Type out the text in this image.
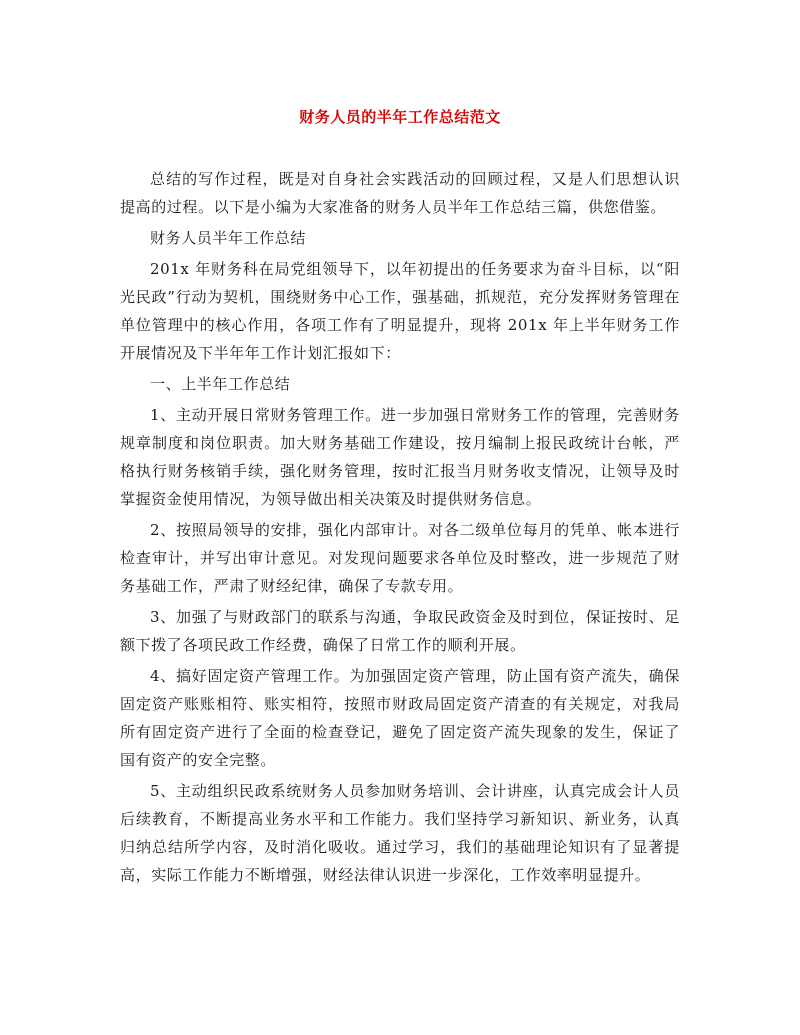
财务人员的半年工作总结范文

总结的写作过程，既是对自身社会实践活动的回顾过程，又是人们思想认识提高的过程。以下是小编为大家准备的财务人员半年工作总结三篇，供您借鉴。

财务人员半年工作总结

201x 年财务科在局党组领导下，以年初提出的任务要求为奋斗目标，以“阳光民政”行动为契机，围绕财务中心工作，强基础，抓规范，充分发挥财务管理在单位管理中的核心作用，各项工作有了明显提升，现将 201x 年上半年财务工作开展情况及下半年年工作计划汇报如下：

一、上半年工作总结

1、主动开展日常财务管理工作。进一步加强日常财务工作的管理，完善财务规章制度和岗位职责。加大财务基础工作建设，按月编制上报民政统计台帐，严格执行财务核销手续，强化财务管理，按时汇报当月财务收支情况，让领导及时掌握资金使用情况，为领导做出相关决策及时提供财务信息。

2、按照局领导的安排，强化内部审计。对各二级单位每月的凭单、帐本进行检查审计，并写出审计意见。对发现问题要求各单位及时整改，进一步规范了财务基础工作，严肃了财经纪律，确保了专款专用。

3、加强了与财政部门的联系与沟通，争取民政资金及时到位，保证按时、足额下拨了各项民政工作经费，确保了日常工作的顺利开展。

4、搞好固定资产管理工作。为加强固定资产管理，防止国有资产流失，确保固定资产账账相符、账实相符，按照市财政局固定资产清查的有关规定，对我局所有固定资产进行了全面的检查登记，避免了固定资产流失现象的发生，保证了国有资产的安全完整。

5、主动组织民政系统财务人员参加财务培训、会计讲座，认真完成会计人员后续教育，不断提高业务水平和工作能力。我们坚持学习新知识、新业务，认真归纳总结所学内容，及时消化吸收。通过学习，我们的基础理论知识有了显著提高，实际工作能力不断增强，财经法律认识进一步深化，工作效率明显提升。
